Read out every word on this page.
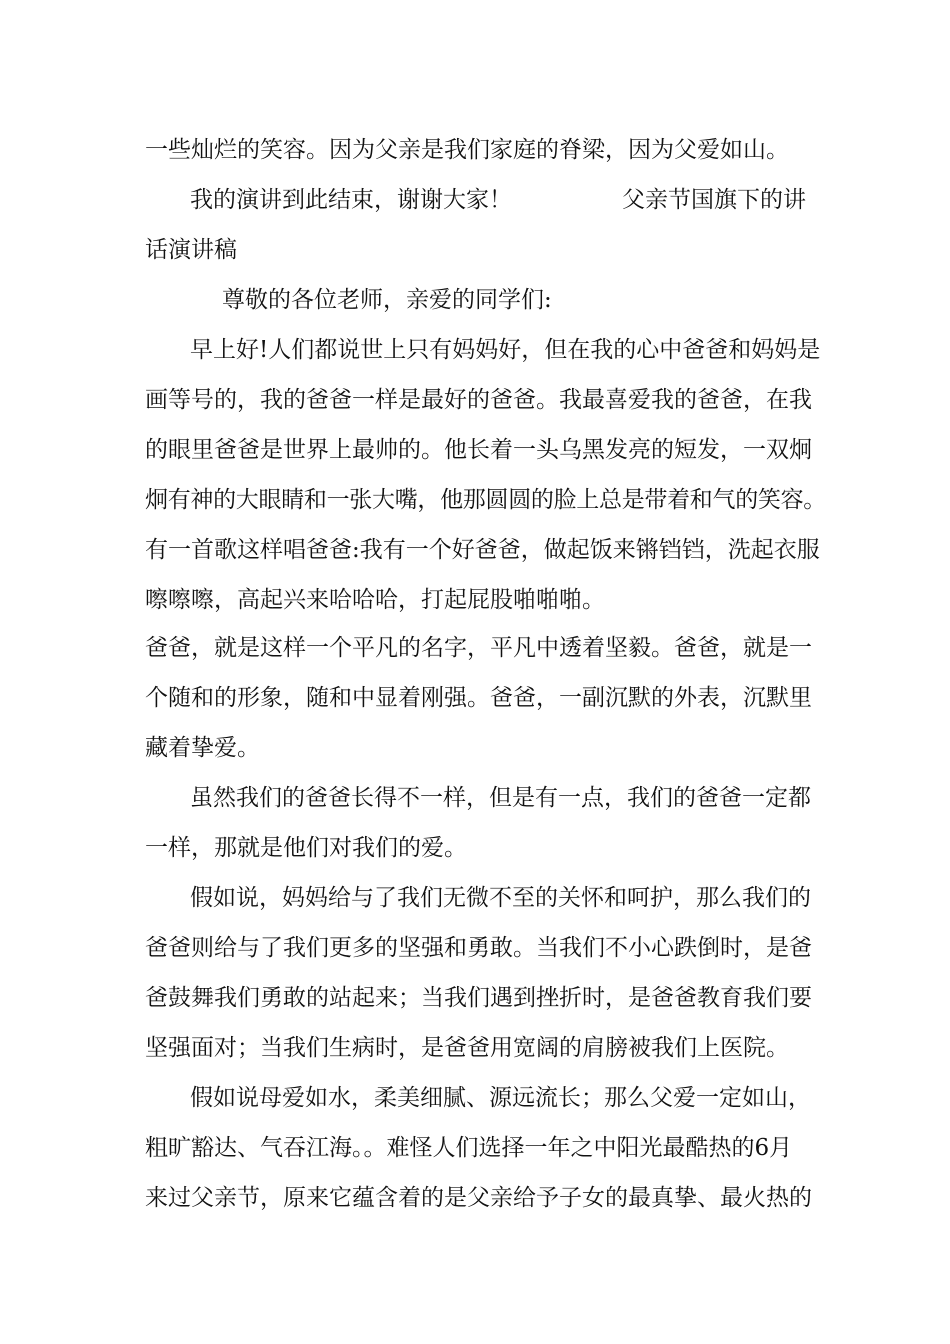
一些灿烂的笑容。因为父亲是我们家庭的脊梁，因为父爱如山。
我的演讲到此结束，谢谢大家！	父亲节国旗下的讲
话演讲稿
尊敬的各位老师，亲爱的同学们:
早上好!人们都说世上只有妈妈好，但在我的心中爸爸和妈妈是
画等号的，我的爸爸一样是最好的爸爸。我最喜爱我的爸爸，在我
的眼里爸爸是世界上最帅的。他长着一头乌黑发亮的短发，一双炯
炯有神的大眼睛和一张大嘴，他那圆圆的脸上总是带着和气的笑容。
有一首歌这样唱爸爸:我有一个好爸爸，做起饭来锵铛铛，洗起衣服
嚓嚓嚓，高起兴来哈哈哈，打起屁股啪啪啪。
爸爸，就是这样一个平凡的名字，平凡中透着坚毅。爸爸，就是一
个随和的形象，随和中显着刚强。爸爸，一副沉默的外表，沉默里
藏着挚爱。
虽然我们的爸爸长得不一样，但是有一点，我们的爸爸一定都
一样，那就是他们对我们的爱。
假如说，妈妈给与了我们无微不至的关怀和呵护，那么我们的
爸爸则给与了我们更多的坚强和勇敢。当我们不小心跌倒时，是爸
爸鼓舞我们勇敢的站起来；当我们遇到挫折时，是爸爸教育我们要
坚强面对；当我们生病时，是爸爸用宽阔的肩膀被我们上医院。
假如说母爱如水，柔美细腻、源远流长；那么父爱一定如山，
粗旷豁达、气吞江海。。难怪人们选择一年之中阳光最酷热的6月
来过父亲节，原来它蕴含着的是父亲给予子女的最真挚、最火热的
